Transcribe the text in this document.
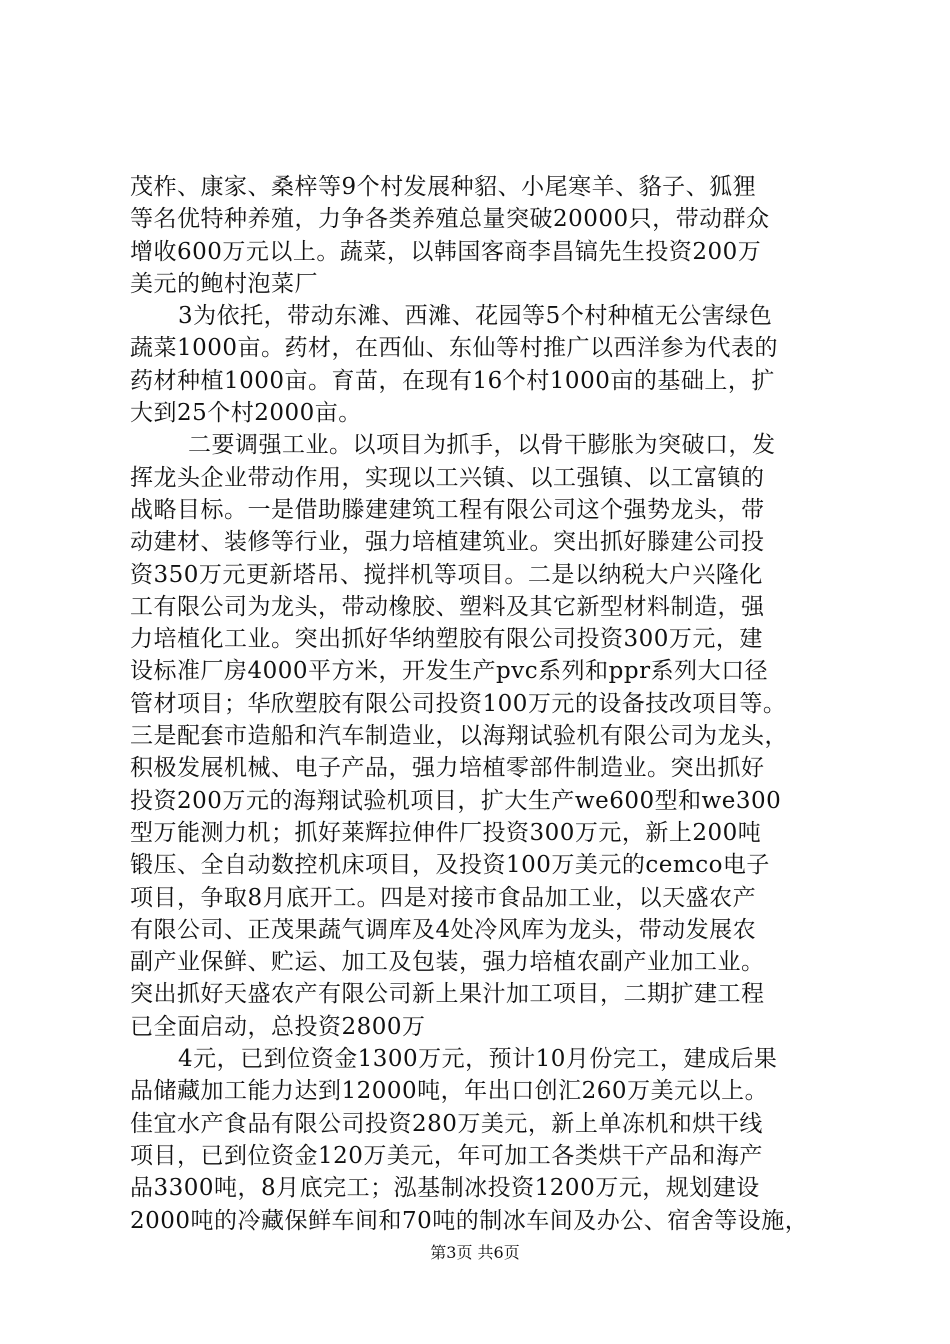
茂柞、康家、桑梓等9个村发展种貂、小尾寒羊、貉子、狐狸
等名优特种养殖，力争各类养殖总量突破20000只，带动群众
增收600万元以上。蔬菜，以韩国客商李昌镐先生投资200万
美元的鲍村泡菜厂
3为依托，带动东滩、西滩、花园等5个村种植无公害绿色
蔬菜1000亩。药材，在西仙、东仙等村推广以西洋参为代表的
药材种植1000亩。育苗，在现有16个村1000亩的基础上，扩
大到25个村2000亩。
二要调强工业。以项目为抓手，以骨干膨胀为突破口，发
挥龙头企业带动作用，实现以工兴镇、以工强镇、以工富镇的
战略目标。一是借助滕建建筑工程有限公司这个强势龙头，带
动建材、装修等行业，强力培植建筑业。突出抓好滕建公司投
资350万元更新塔吊、搅拌机等项目。二是以纳税大户兴隆化
工有限公司为龙头，带动橡胶、塑料及其它新型材料制造，强
力培植化工业。突出抓好华纳塑胶有限公司投资300万元，建
设标准厂房4000平方米，开发生产pvc系列和ppr系列大口径
管材项目；华欣塑胶有限公司投资100万元的设备技改项目等。
三是配套市造船和汽车制造业，以海翔试验机有限公司为龙头，
积极发展机械、电子产品，强力培植零部件制造业。突出抓好
投资200万元的海翔试验机项目，扩大生产we600型和we300
型万能测力机；抓好莱辉拉伸件厂投资300万元，新上200吨
锻压、全自动数控机床项目，及投资100万美元的cemco电子
项目，争取8月底开工。四是对接市食品加工业，以天盛农产
有限公司、正茂果蔬气调库及4处冷风库为龙头，带动发展农
副产业保鲜、贮运、加工及包装，强力培植农副产业加工业。
突出抓好天盛农产有限公司新上果汁加工项目，二期扩建工程
已全面启动，总投资2800万
4元，已到位资金1300万元，预计10月份完工，建成后果
品储藏加工能力达到12000吨，年出口创汇260万美元以上。
佳宜水产食品有限公司投资280万美元，新上单冻机和烘干线
项目，已到位资金120万美元，年可加工各类烘干产品和海产
品3300吨，8月底完工；泓基制冰投资1200万元，规划建设
2000吨的冷藏保鲜车间和70吨的制冰车间及办公、宿舍等设施，
第3页 共6页
